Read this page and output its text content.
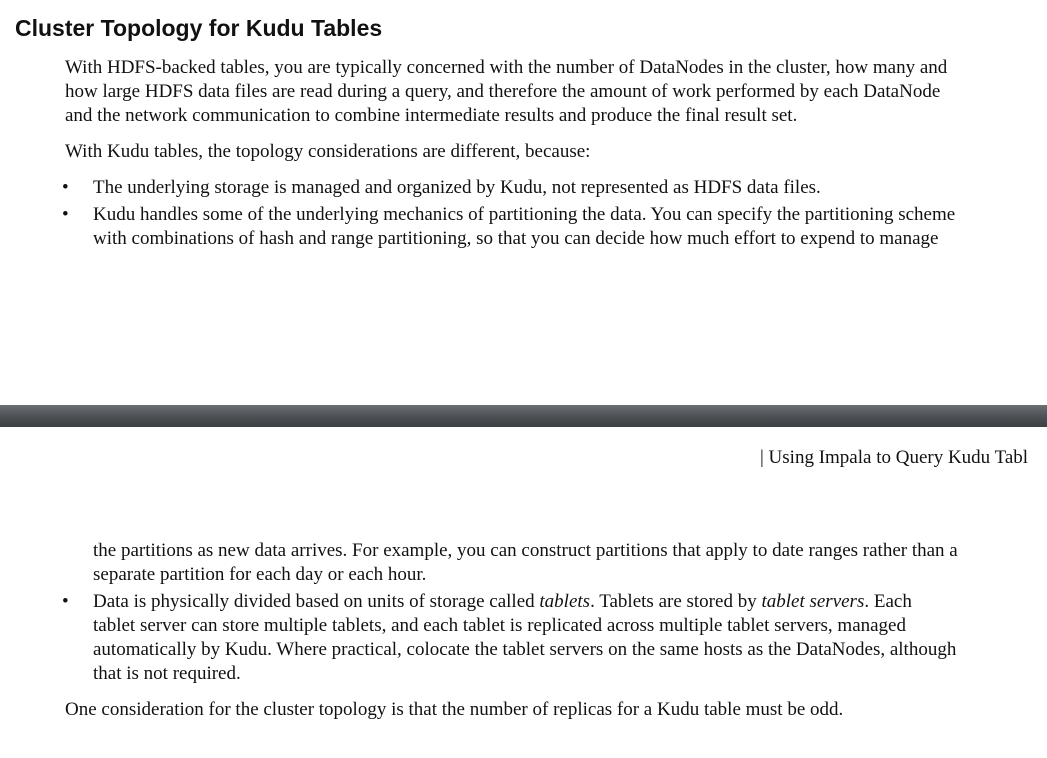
Cluster Topology for Kudu Tables

With HDFS-backed tables, you are typically concerned with the number of DataNodes in the cluster, how many and
how large HDFS data files are read during a query, and therefore the amount of work performed by each DataNode
and the network communication to combine intermediate results and produce the final result set.

With Kudu tables, the topology considerations are different, because:

• The underlying storage is managed and organized by Kudu, not represented as HDFS data files.
• Kudu handles some of the underlying mechanics of partitioning the data. You can specify the partitioning scheme
with combinations of hash and range partitioning, so that you can decide how much effort to expend to manage
| Using Impala to Query Kudu Tabl
the partitions as new data arrives. For example, you can construct partitions that apply to date ranges rather than a
separate partition for each day or each hour.
• Data is physically divided based on units of storage called tablets. Tablets are stored by tablet servers. Each
tablet server can store multiple tablets, and each tablet is replicated across multiple tablet servers, managed
automatically by Kudu. Where practical, colocate the tablet servers on the same hosts as the DataNodes, although
that is not required.

One consideration for the cluster topology is that the number of replicas for a Kudu table must be odd.
